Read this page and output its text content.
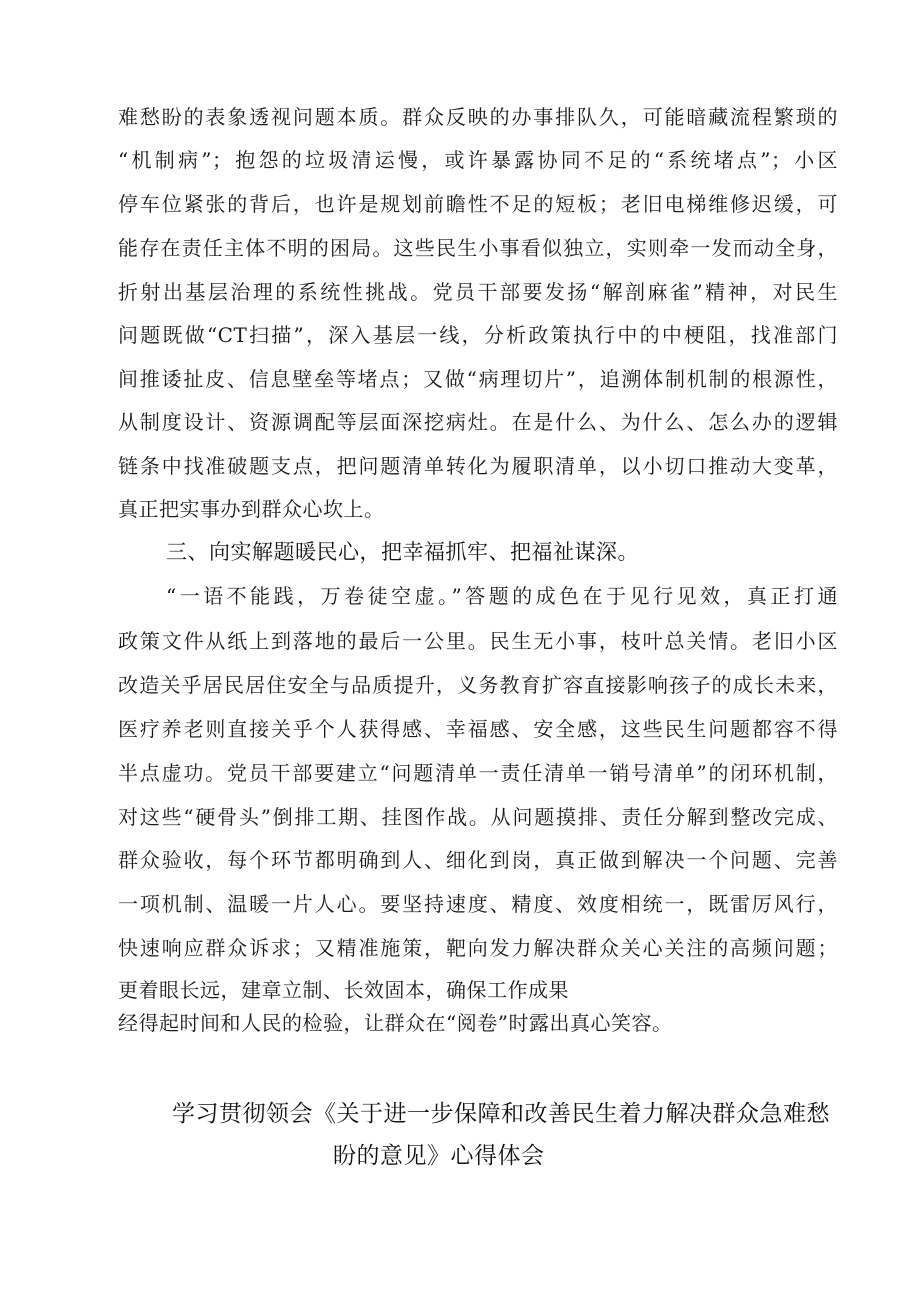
难愁盼的表象透视问题本质。群众反映的办事排队久，可能暗藏流程繁琐的
“机制病”；抱怨的垃圾清运慢，或许暴露协同不足的“系统堵点”；小区
停车位紧张的背后，也许是规划前瞻性不足的短板；老旧电梯维修迟缓，可
能存在责任主体不明的困局。这些民生小事看似独立，实则牵一发而动全身，
折射出基层治理的系统性挑战。党员干部要发扬“解剖麻雀”精神，对民生
问题既做“CT扫描”，深入基层一线，分析政策执行中的中梗阻，找准部门
间推诿扯皮、信息壁垒等堵点；又做“病理切片”，追溯体制机制的根源性，
从制度设计、资源调配等层面深挖病灶。在是什么、为什么、怎么办的逻辑
链条中找准破题支点，把问题清单转化为履职清单，以小切口推动大变革，
真正把实事办到群众心坎上。
三、向实解题暖民心，把幸福抓牢、把福祉谋深。
“一语不能践，万卷徒空虚。”答题的成色在于见行见效，真正打通
政策文件从纸上到落地的最后一公里。民生无小事，枝叶总关情。老旧小区
改造关乎居民居住安全与品质提升，义务教育扩容直接影响孩子的成长未来，
医疗养老则直接关乎个人获得感、幸福感、安全感，这些民生问题都容不得
半点虚功。党员干部要建立“问题清单一责任清单一销号清单”的闭环机制，
对这些“硬骨头”倒排工期、挂图作战。从问题摸排、责任分解到整改完成、
群众验收，每个环节都明确到人、细化到岗，真正做到解决一个问题、完善
一项机制、温暖一片人心。要坚持速度、精度、效度相统一，既雷厉风行，
快速响应群众诉求；又精准施策，靶向发力解决群众关心关注的高频问题；
更着眼长远，建章立制、长效固本，确保工作成果
经得起时间和人民的检验，让群众在“阅卷”时露出真心笑容。
学习贯彻领会《关于进一步保障和改善民生着力解决群众急难愁
盼的意见》心得体会
